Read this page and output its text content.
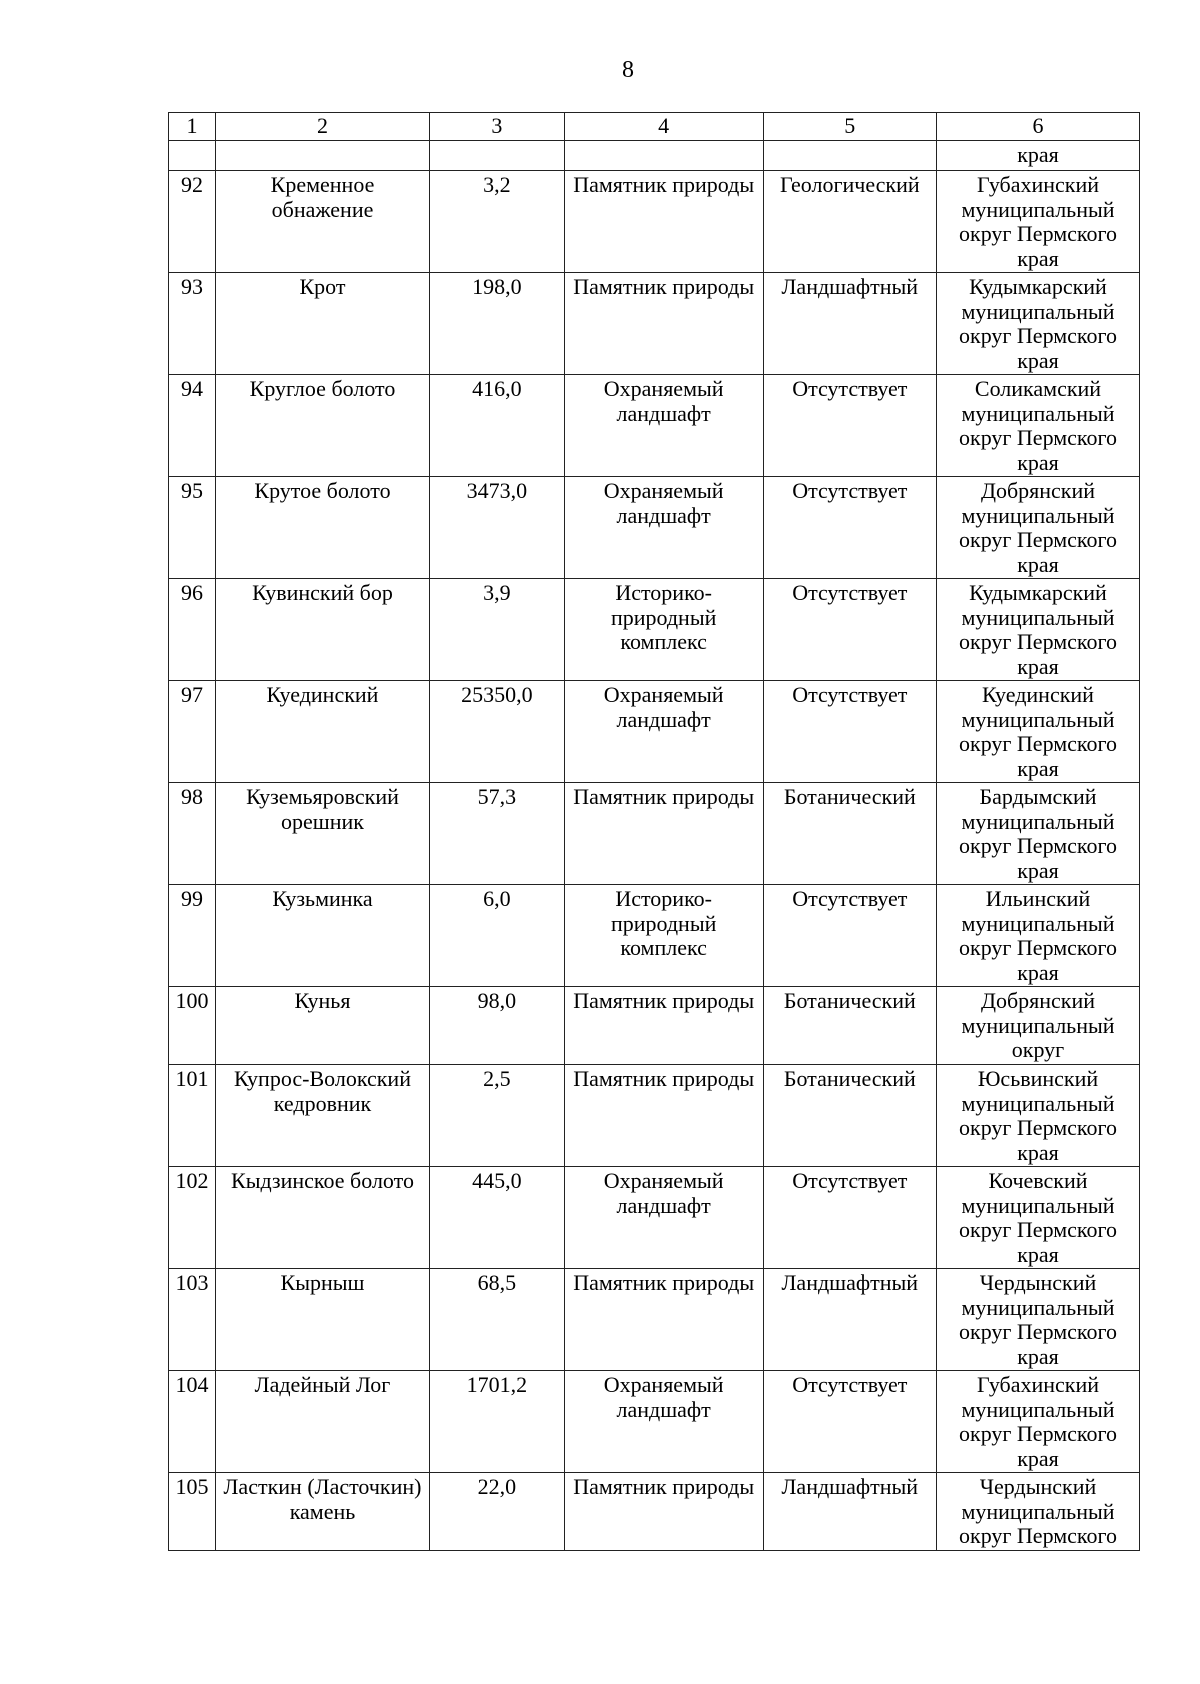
8
1	2	3	4	5	6
					края
92	Кременное обнажение	3,2	Памятник природы	Геологический	Губахинский муниципальный округ Пермского края
93	Крот	198,0	Памятник природы	Ландшафтный	Кудымкарский муниципальный округ Пермского края
94	Круглое болото	416,0	Охраняемый ландшафт	Отсутствует	Соликамский муниципальный округ Пермского края
95	Крутое болото	3473,0	Охраняемый ландшафт	Отсутствует	Добрянский муниципальный округ Пермского края
96	Кувинский бор	3,9	Историко-природный комплекс	Отсутствует	Кудымкарский муниципальный округ Пермского края
97	Куединский	25350,0	Охраняемый ландшафт	Отсутствует	Куединский муниципальный округ Пермского края
98	Куземьяровский орешник	57,3	Памятник природы	Ботанический	Бардымский муниципальный округ Пермского края
99	Кузьминка	6,0	Историко-природный комплекс	Отсутствует	Ильинский муниципальный округ Пермского края
100	Кунья	98,0	Памятник природы	Ботанический	Добрянский муниципальный округ
101	Купрос-Волокский кедровник	2,5	Памятник природы	Ботанический	Юсьвинский муниципальный округ Пермского края
102	Кыдзинское болото	445,0	Охраняемый ландшафт	Отсутствует	Кочевский муниципальный округ Пермского края
103	Кырныш	68,5	Памятник природы	Ландшафтный	Чердынский муниципальный округ Пермского края
104	Ладейный Лог	1701,2	Охраняемый ландшафт	Отсутствует	Губахинский муниципальный округ Пермского края
105	Ласткин (Ласточкин) камень	22,0	Памятник природы	Ландшафтный	Чердынский муниципальный округ Пермского
